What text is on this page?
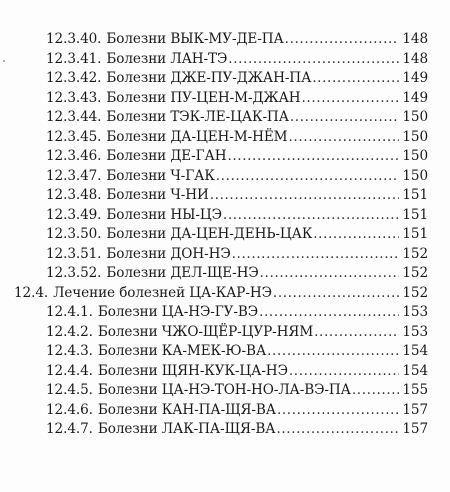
12.3.40. Болезни ВЫК-МУ-ДЕ-ПА .....	148
12.3.41. Болезни ЛАН-ТЭ .....	148
12.3.42. Болезни ДЖЕ-ПУ-ДЖАН-ПА .....	149
12.3.43. Болезни ПУ-ЦЕН-М-ДЖАН .....	149
12.3.44. Болезни ТЭК-ЛЕ-ЦАК-ПА .....	150
12.3.45. Болезни ДА-ЦЕН-М-НЁМ .....	150
12.3.46. Болезни ДЕ-ГАН .....	150
12.3.47. Болезни Ч-ГАК .....	150
12.3.48. Болезни Ч-НИ .....	151
12.3.49. Болезни НЫ-ЦЭ .....	151
12.3.50. Болезни ДА-ЦЕН-ДЕНЬ-ЦАК .....	151
12.3.51. Болезни ДОН-НЭ .....	152
12.3.52. Болезни ДЕЛ-ЩЕ-НЭ .....	152
12.4. Лечение болезней ЦА-КАР-НЭ .....	152
12.4.1. Болезни ЦА-НЭ-ГУ-ВЭ .....	153
12.4.2. Болезни ЧЖО-ЩЁР-ЦУР-НЯМ .....	153
12.4.3. Болезни КА-МЕК-Ю-ВА .....	154
12.4.4. Болезни ЩЯН-КУК-ЦА-НЭ .....	154
12.4.5. Болезни ЦА-НЭ-ТОН-НО-ЛА-ВЭ-ПА .....	155
12.4.6. Болезни КАН-ПА-ЩЯ-ВА .....	157
12.4.7. Болезни ЛАК-ПА-ЩЯ-ВА .....	157
